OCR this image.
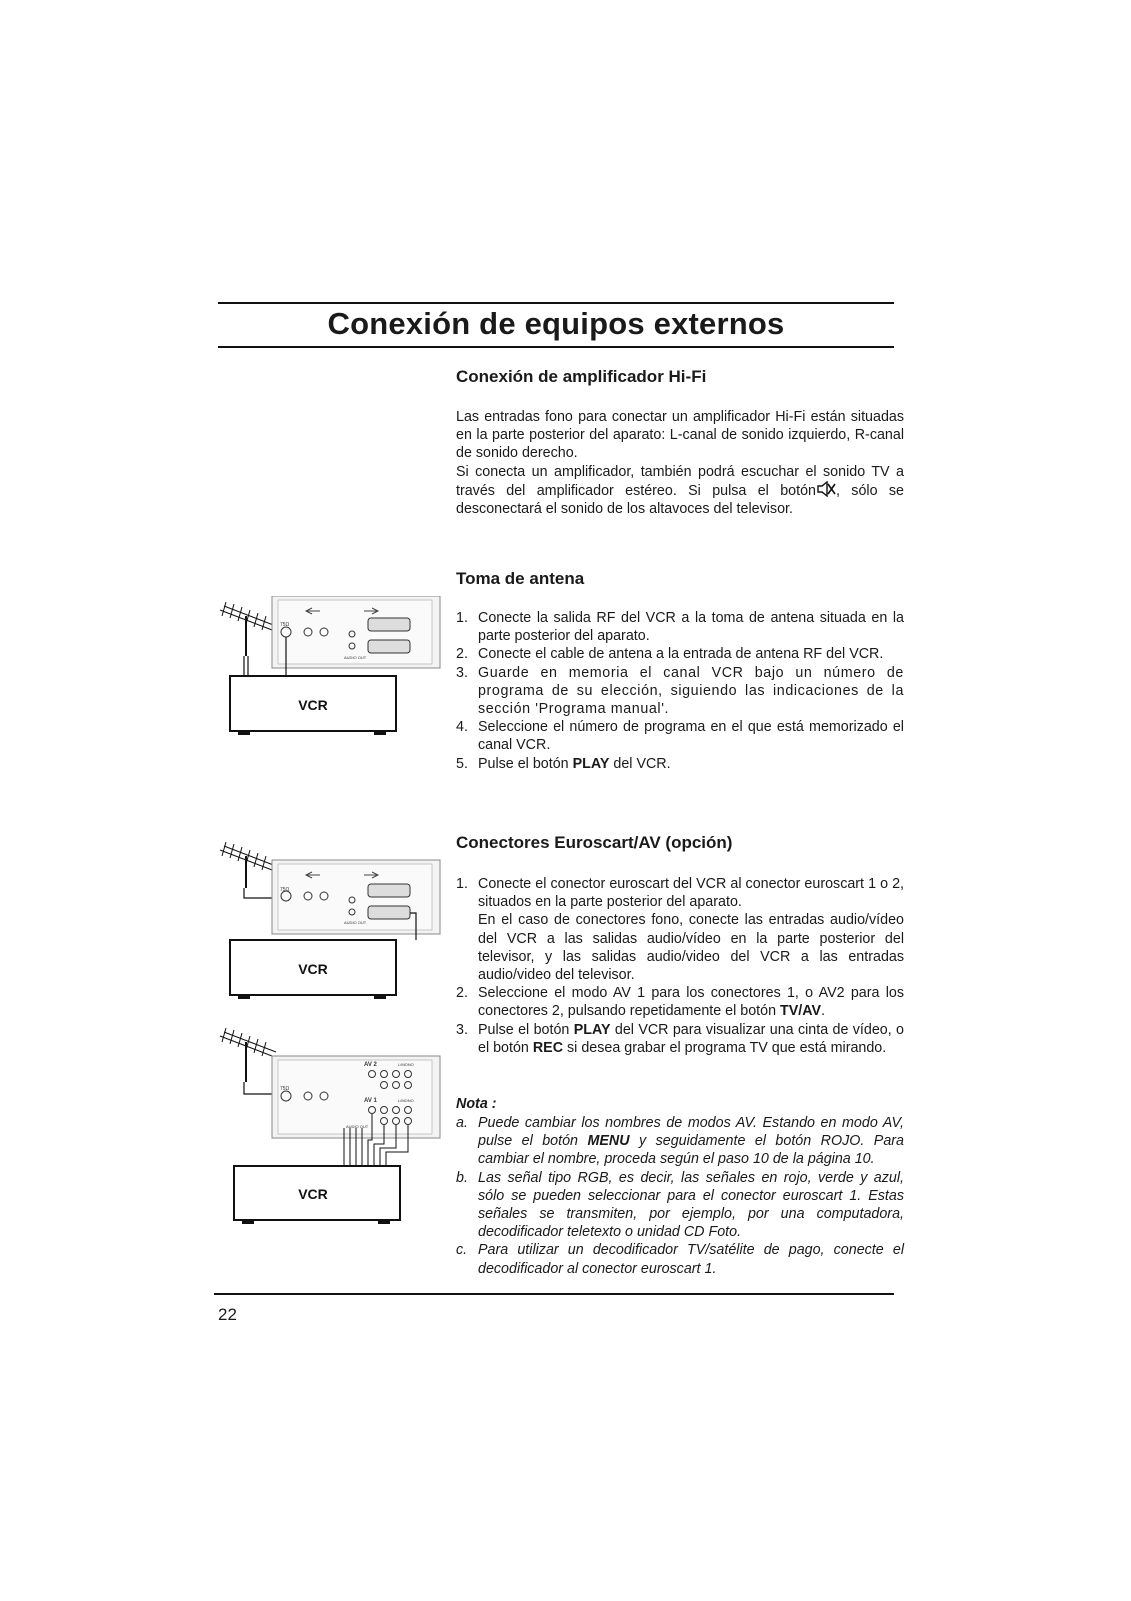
Conexión de equipos externos
Conexión de amplificador Hi-Fi

Las entradas fono para conectar un amplificador Hi-Fi están situadas en la parte posterior del aparato: L-canal de sonido izquierdo, R-canal de sonido derecho.

Si conecta un amplificador, también podrá escuchar el sonido TV a través del amplificador estéreo. Si pulsa el botón , sólo se desconectará el sonido de los altavoces del televisor.

Toma de antena
1. Conecte la salida RF del VCR a la toma de antena situada en la parte posterior del aparato.
2. Conecte el cable de antena a la entrada de antena RF del VCR.
3. Guarde en memoria el canal VCR bajo un número de programa de su elección, siguiendo las indicaciones de la sección 'Programa manual'.
4. Seleccione el número de programa en el que está memorizado el canal VCR.
5. Pulse el botón PLAY del VCR.
Conectores Euroscart/AV (opción)
1. Conecte el conector euroscart del VCR al conector euroscart 1 o 2, situados en la parte posterior del aparato.
En el caso de conectores fono, conecte las entradas audio/vídeo del VCR a las salidas audio/vídeo en la parte posterior del televisor, y las salidas audio/video del VCR a las entradas audio/video del televisor.
2. Seleccione el modo AV 1 para los conectores 1, o AV2 para los conectores 2, pulsando repetidamente el botón TV/AV.
3. Pulse el botón PLAY del VCR para visualizar una cinta de vídeo, o el botón REC si desea grabar el programa TV que está mirando.
Nota :
a. Puede cambiar los nombres de modos AV. Estando en modo AV, pulse el botón MENU y seguidamente el botón ROJO. Para cambiar el nombre, proceda según el paso 10 de la página 10.
b. Las señal tipo RGB, es decir, las señales en rojo, verde y azul, sólo se pueden seleccionar para el conector euroscart 1. Estas señales se transmiten, por ejemplo, por una computadora, decodificador teletexto o unidad CD Foto.
c. Para utilizar un decodificador TV/satélite de pago, conecte el decodificador al conector euroscart 1.
22
75Ω
AUDIO OUT
VCR
75Ω
AUDIO OUT
VCR
75Ω
AV 2	L/MONO
AV 1	L/MONO
AUDIO OUT
VCR
